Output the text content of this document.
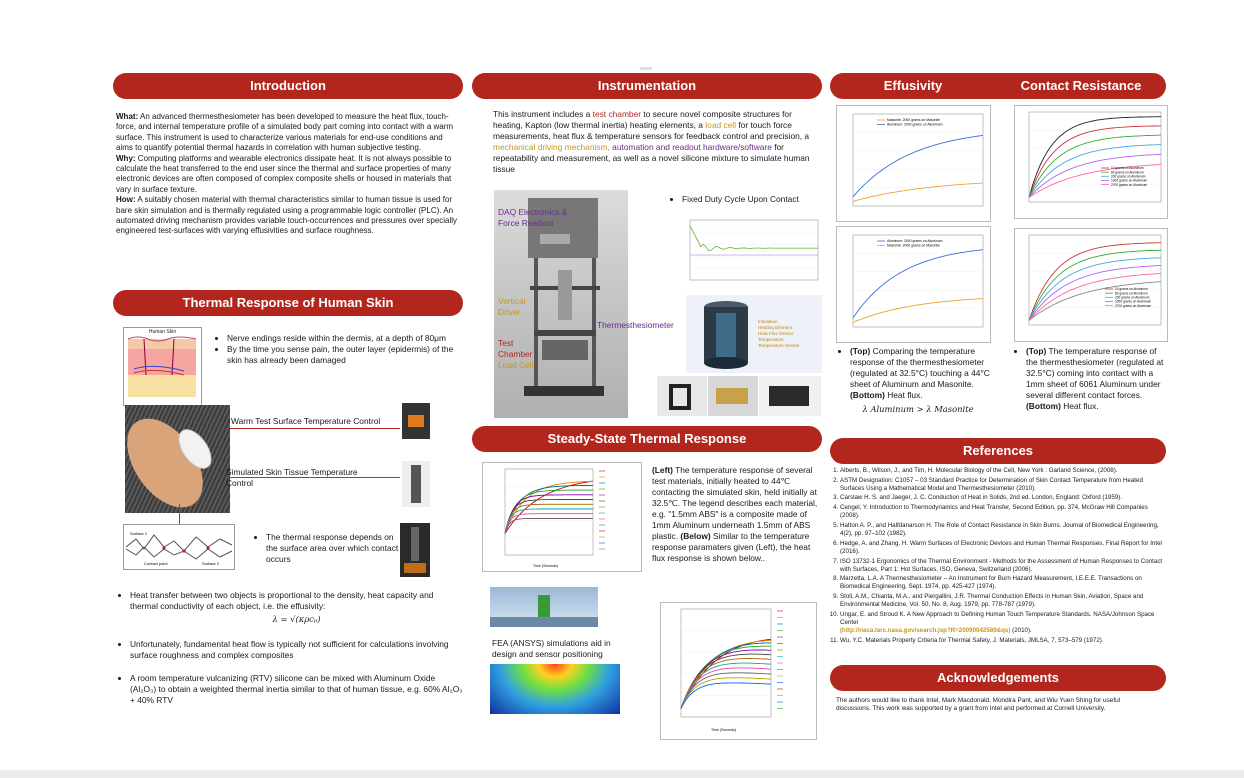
Introduction	Instrumentation	Effusivity	Contact Resistance
What: An advanced thermesthesiometer has been developed to measure the heat flux, touch-force, and internal temperature profile of a simulated body part coming into contact with a warm surface. This instrument is used to characterize various materials for end-use conditions and aims to quantify potential thermal hazards in correlation with human subjective testing.
Why: Computing platforms and wearable electronics dissipate heat. It is not always possible to calculate the heat transferred to the end user since the thermal and surface properties of many electronic devices are often composed of complex composite shells or housed in materials that vary in surface texture.
How: A suitably chosen material with thermal characteristics similar to human tissue is used for bare skin simulation and is thermally regulated using a programmable logic controller (PLC). An automated driving mechanism provides variable touch-occurrences and pressures over specially engineered test-surfaces with varying effusivities and surface roughness.
Thermal Response of Human Skin
Human Skin
• Nerve endings reside within the dermis, at a depth of 80μm
• By the time you sense pain, the outer layer (epidermis) of the skin has already been damaged
Warm Test Surface Temperature Control
Simulated Skin Tissue Temperature Control
Surface 1
Surface 2
Contact point
• The thermal response depends on the surface area over which contact occurs
• Heat transfer between two objects is proportional to the density, heat capacity and thermal conductivity of each object, i.e. the effusivity:
λ = √(κρcₚ)
• Unfortunately, fundamental heat flow is typically not sufficient for calculations involving surface roughness and complex composites
• A room temperature vulcanizing (RTV) silicone can be mixed with Aluminum Oxide (Al₂O₃) to obtain a weighted thermal inertia similar to that of human tissue, e.g. 60% Al₂O₃ + 40% RTV
This instrument includes a test chamber to secure novel composite structures for heating, Kapton (low thermal inertia) heating elements, a load cell for touch force measurements, heat flux & temperature sensors for feedback control and precision, a mechanical driving mechanism, automation and readout hardware/software for repeatability and measurement, as well as a novel silicone mixture to simulate human tissue
DAQ Electronics & Force Readout
Vertical Driver
Test Chamber
Load Cell
• Fixed Duty Cycle Upon Contact
Insulation
Heating Element
Heat Flux Sensor
Temperature
Temperature Sensor
Thermesthesiometer
Steady-State Thermal Response
Time (Seconds)
(Left) The temperature response of several test materials, initially heated to 44℃ contacting the simulated skin, held initially at 32.5℃. The legend describes each material, e.g. "1.5mm ABS" is a composite made of 1mm Aluminum underneath 1.5mm of ABS plastic. (Below) Similar to the temperature response paramaters given (Left), the heat flux response is shown below..
FEA (ANSYS) simulations aid in design and sensor positioning
Time (Seconds)
Masonite: 2000 grams on Masonite
Aluminum: 2000 grams on Aluminum
Aluminum: 2000 grams on Aluminum
Masonite: 2000 grams on Masonite
• (Top) Comparing the temperature response of the thermesthesiometer (regulated at 32.5°C) touching a 44°C sheet of Aluminum and Masonite. (Bottom) Heat flux.
λ Aluminum > λ Masonite
10 grams on Aluminum
80 grams on Aluminum
200 grams on Aluminum
1000 grams on Aluminum
2700 grams on Aluminum
10 grams on Aluminum
80 grams on Aluminum
200 grams on Aluminum
1000 grams on Aluminum
2700 grams on Aluminum
• (Top) The temperature response of the thermesthesiometer (regulated at 32.5°C) coming into contact with a 1mm sheet of 6061 Aluminum under several different contact forces. (Bottom) Heat flux.
References
1. Alberts, B., Wilson, J., and Tim, H. Molecular Biology of the Cell, New York : Garland Science, (2008).
2. ASTM Designation: C1057 – 03 Standard Practice for Determination of Skin Contact Temperature from Heated Surfaces Using a Mathematical Model and Thermesthesiometer (2010).
3. Carslaw H. S. and Jaeger, J. C. Conduction of Heat in Solids, 2nd ed. London, England: Oxford (1959).
4. Cengel, Y. Introduction to Thermodynamics and Heat Transfer, Second Edition, pp. 374, McGraw Hill Companies (2008).
5. Hatton A. P., and Halfdanarson H. The Role of Contact Resistance in Skin Burns. Journal of Biomedical Engineering, 4(2), pp. 97–102 (1982).
6. Hedge, A. and Zhang, H. Warm Surfaces of Electronic Devices and Human Thermal Responses, Final Report for Intel (2016).
7. ISO 13732-1 Ergonomics of the Thermal Environment - Methods for the Assessment of Human Responses to Contact with Surfaces, Part 1: Hot Surfaces, ISO, Geneva, Switzerland (2006).
8. Marzetta, L.A. A Thermesthesiometer – An Instrument for Burn Hazard Measurement, I.E.E.E. Transactions on Biomedical Engineering, Sept. 1974, pp. 425-427 (1974).
9. Stoll, A.M., Chianta, M.A., and Piergallini, J.R. Thermal Conduction Effects in Human Skin, Aviation, Space and Environmental Medicine, Vol. 50, No. 8, Aug. 1979, pp. 778-787 (1979).
10. Ungar, E. and Stroud K. A New Approach to Defining Human Touch Temperature Standards. NASA/Johnson Space Center
(http://naca.larc.nasa.gov/search.jsp?R=20090042589&qs) (2010).
11. Wu, Y.C. Materials Property Criteria for Thermal Safety, J. Materials, JMLSA, 7, 573–579 (1972).
Acknowledgements
The authors would like to thank Intel, Mark Macdonald, Mondira Pant, and Wiu Yuen Shing for useful discussions. This work was supported by a grant from Intel and performed at Cornell University.
